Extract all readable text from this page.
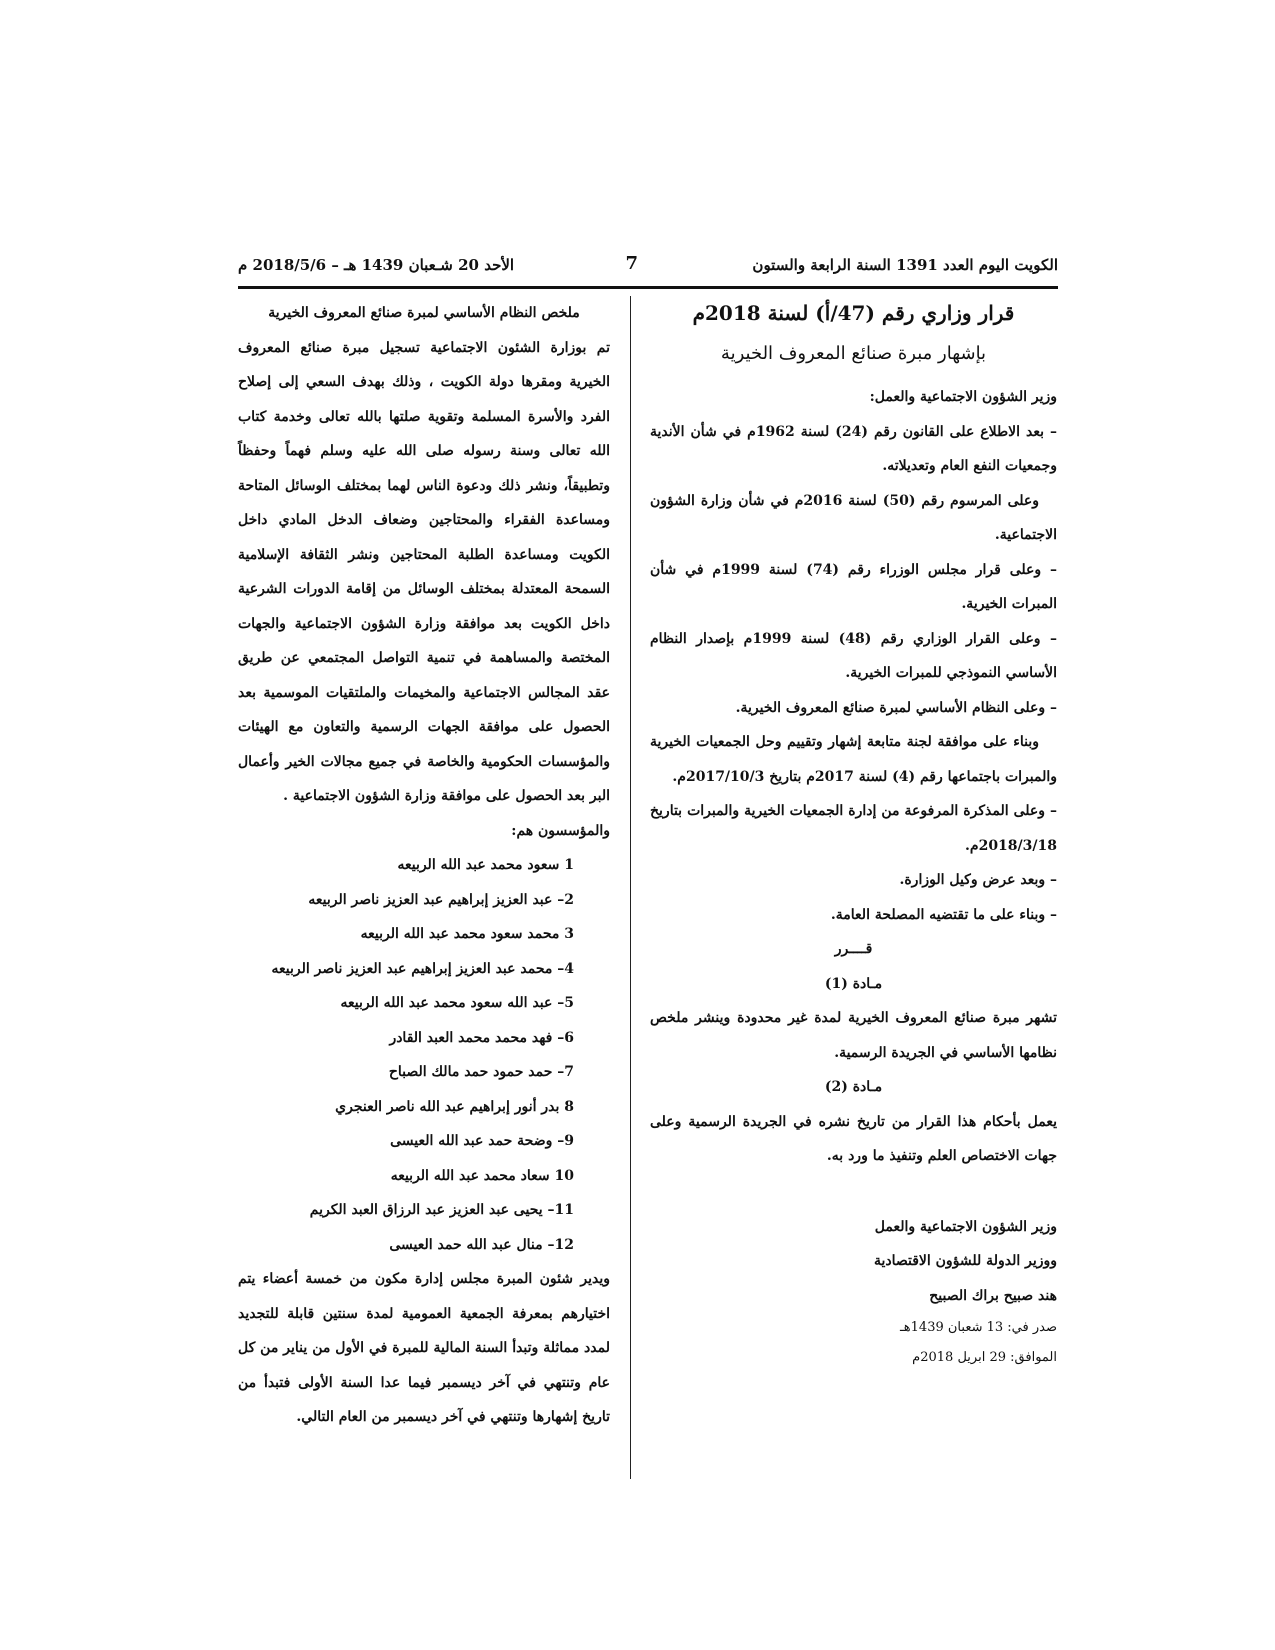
الكويت اليوم العدد 1391 السنة الرابعة والستون
7
الأحد 20 شـعبان 1439 هـ – 2018/5/6 م

قرار وزاري رقم (47/أ) لسنة 2018م

بإشهار مبرة صنائع المعروف الخيرية

وزير الشؤون الاجتماعية والعمل:

– بعد الاطلاع على القانون رقم (24) لسنة 1962م في شأن الأندية وجمعيات النفع العام وتعديلاته.

وعلى المرسوم رقم (50) لسنة 2016م في شأن وزارة الشؤون الاجتماعية.

– وعلى قرار مجلس الوزراء رقم (74) لسنة 1999م في شأن المبرات الخيرية.

– وعلى القرار الوزاري رقم (48) لسنة 1999م بإصدار النظام الأساسي النموذجي للمبرات الخيرية.

– وعلى النظام الأساسي لمبرة صنائع المعروف الخيرية.

وبناء على موافقة لجنة متابعة إشهار وتقييم وحل الجمعيات الخيرية والمبرات باجتماعها رقم (4) لسنة 2017م بتاريخ 2017/10/3م.

– وعلى المذكرة المرفوعة من إدارة الجمعيات الخيرية والمبرات بتاريخ 2018/3/18م.

– وبعد عرض وكيل الوزارة.

– وبناء على ما تقتضيه المصلحة العامة.

قــــرر

مـادة (1)

تشهر مبرة صنائع المعروف الخيرية لمدة غير محدودة وينشر ملخص نظامها الأساسي في الجريدة الرسمية.

مـادة (2)

يعمل بأحكام هذا القرار من تاريخ نشره في الجريدة الرسمية وعلى جهات الاختصاص العلم وتنفيذ ما ورد به.

وزير الشؤون الاجتماعية والعمل

ووزير الدولة للشؤون الاقتصادية

هند صبيح براك الصبيح

صدر في: 13 شعبان 1439هـ

الموافق: 29 ابريل 2018م

ملخص النظام الأساسي لمبرة صنائع المعروف الخيرية

تم بوزارة الشئون الاجتماعية تسجيل مبرة صنائع المعروف الخيرية ومقرها دولة الكويت ، وذلك بهدف السعي إلى إصلاح الفرد والأسرة المسلمة وتقوية صلتها بالله تعالى وخدمة كتاب الله تعالى وسنة رسوله صلى الله عليه وسلم فهماً وحفظاً وتطبيقاً، ونشر ذلك ودعوة الناس لهما بمختلف الوسائل المتاحة ومساعدة الفقراء والمحتاجين وضعاف الدخل المادي داخل الكويت ومساعدة الطلبة المحتاجين ونشر الثقافة الإسلامية السمحة المعتدلة بمختلف الوسائل من إقامة الدورات الشرعية داخل الكويت بعد موافقة وزارة الشؤون الاجتماعية والجهات المختصة والمساهمة في تنمية التواصل المجتمعي عن طريق عقد المجالس الاجتماعية والمخيمات والملتقيات الموسمية بعد الحصول على موافقة الجهات الرسمية والتعاون مع الهيئات والمؤسسات الحكومية والخاصة في جميع مجالات الخير وأعمال البر بعد الحصول على موافقة وزارة الشؤون الاجتماعية .

والمؤسسون هم:

1 سعود محمد عبد الله الربيعه
2– عبد العزيز إبراهيم عبد العزيز ناصر الربيعه
3 محمد سعود محمد عبد الله الربيعه
4– محمد عبد العزيز إبراهيم عبد العزيز ناصر الربيعه
5– عبد الله سعود محمد عبد الله الربيعه
6– فهد محمد محمد العبد القادر
7– حمد حمود حمد مالك الصباح
8 بدر أنور إبراهيم عبد الله ناصر العنجري
9– وضحة حمد عبد الله العيسى
10 سعاد محمد عبد الله الربيعه
11– يحيى عبد العزيز عبد الرزاق العبد الكريم
12– منال عبد الله حمد العيسى

ويدير شئون المبرة مجلس إدارة مكون من خمسة أعضاء يتم اختيارهم بمعرفة الجمعية العمومية لمدة سنتين قابلة للتجديد لمدد مماثلة وتبدأ السنة المالية للمبرة في الأول من يناير من كل عام وتنتهي في آخر ديسمبر فيما عدا السنة الأولى فتبدأ من تاريخ إشهارها وتنتهي في آخر ديسمبر من العام التالي.
